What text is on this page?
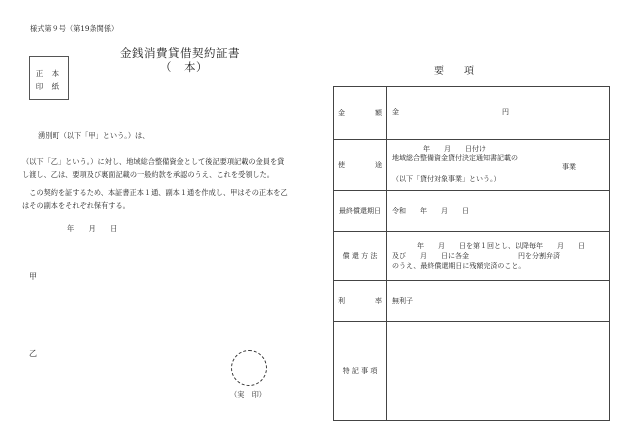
様式第９号（第19条関係）
金銭消費貸借契約証書
（　本）
正 本
印 紙
要　　項
湧別町（以下「甲」という。）は、
（以下「乙」という。）に対し、地域総合整備資金として後記要項記載の金員を貸
し渡し、乙は、要項及び裏面記載の一般約款を承認のうえ、これを受領した。
　この契約を証するため、本証書正本１通、副本１通を作成し、甲はその正本を乙
はその副本をそれぞれ保有する。
年　　月　　日
甲
乙
（実　印）
金 額	金 円

使 途	年　　月　　日付け
地域総合整備資金貸付決定通知書記載の
事業
（以下「貸付対象事業」という。）

最終償還期日	令和　　年　　月　　日
償 還 方 法	年　　月　　日を第１回とし、以降毎年　　月　　日
及び　　月　　日に各金　　　　　　　円を分割弁済
のうえ、最終償還期日に残額完済のこと。

利 率	無利子
特 記 事 項	
